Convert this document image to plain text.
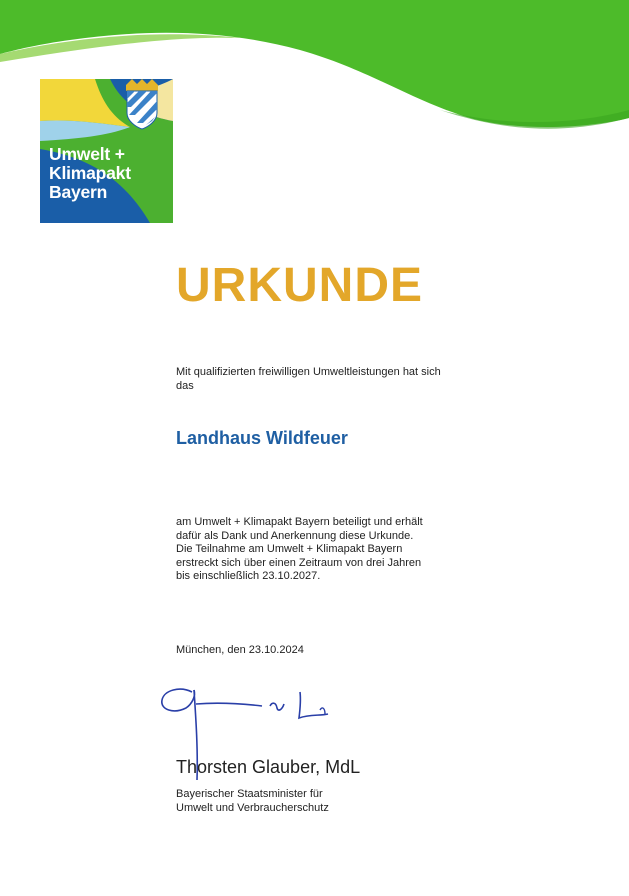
Umwelt +
Klimapakt
Bayern
URKUNDE
Mit qualifizierten freiwilligen Umweltleistungen hat sich
das
Landhaus Wildfeuer
am Umwelt + Klimapakt Bayern beteiligt und erhält
dafür als Dank und Anerkennung diese Urkunde.
Die Teilnahme am Umwelt + Klimapakt Bayern
erstreckt sich über einen Zeitraum von drei Jahren
bis einschließlich 23.10.2027.
München, den 23.10.2024
Thorsten Glauber, MdL
Bayerischer Staatsminister für
Umwelt und Verbraucherschutz
